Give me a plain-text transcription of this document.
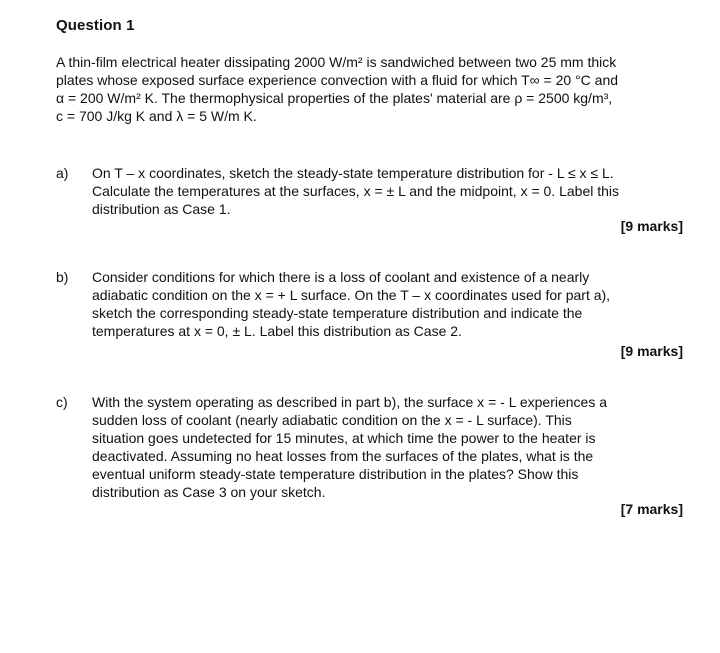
Question 1
A thin-film electrical heater dissipating 2000 W/m² is sandwiched between two 25 mm thick
plates whose exposed surface experience convection with a fluid for which T∞ = 20 °C and
α = 200 W/m² K. The thermophysical properties of the plates' material are ρ = 2500 kg/m³,
c = 700 J/kg K and λ = 5 W/m K.
a) On T – x coordinates, sketch the steady-state temperature distribution for - L ≤ x ≤ L.
Calculate the temperatures at the surfaces, x = ± L and the midpoint, x = 0. Label this
distribution as Case 1.
[9 marks]
b) Consider conditions for which there is a loss of coolant and existence of a nearly
adiabatic condition on the x = + L surface. On the T – x coordinates used for part a),
sketch the corresponding steady-state temperature distribution and indicate the
temperatures at x = 0, ± L. Label this distribution as Case 2.
[9 marks]
c) With the system operating as described in part b), the surface x = - L experiences a
sudden loss of coolant (nearly adiabatic condition on the x = - L surface). This
situation goes undetected for 15 minutes, at which time the power to the heater is
deactivated. Assuming no heat losses from the surfaces of the plates, what is the
eventual uniform steady-state temperature distribution in the plates? Show this
distribution as Case 3 on your sketch.
[7 marks]
